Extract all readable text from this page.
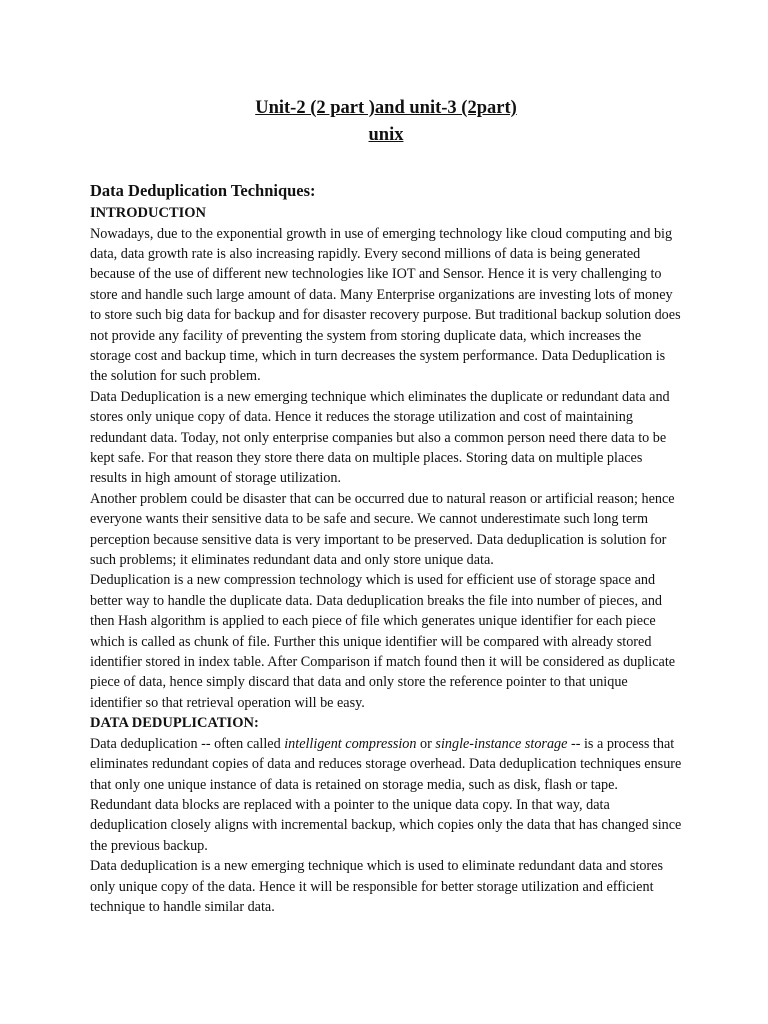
Unit-2 (2 part )and unit-3 (2part)

unix

Data Deduplication Techniques:

INTRODUCTION

Nowadays, due to the exponential growth in use of emerging technology like cloud computing and big data, data growth rate is also increasing rapidly. Every second millions of data is being generated because of the use of different new technologies like IOT and Sensor. Hence it is very challenging to store and handle such large amount of data. Many Enterprise organizations are investing lots of money to store such big data for backup and for disaster recovery purpose. But traditional backup solution does not provide any facility of preventing the system from storing duplicate data, which increases the storage cost and backup time, which in turn decreases the system performance. Data Deduplication is the solution for such problem.

Data Deduplication is a new emerging technique which eliminates the duplicate or redundant data and stores only unique copy of data. Hence it reduces the storage utilization and cost of maintaining redundant data. Today, not only enterprise companies but also a common person need there data to be kept safe. For that reason they store there data on multiple places. Storing data on multiple places results in high amount of storage utilization.

Another problem could be disaster that can be occurred due to natural reason or artificial reason; hence everyone wants their sensitive data to be safe and secure. We cannot underestimate such long term perception because sensitive data is very important to be preserved. Data deduplication is solution for such problems; it eliminates redundant data and only store unique data.

Deduplication is a new compression technology which is used for efficient use of storage space and better way to handle the duplicate data. Data deduplication breaks the file into number of pieces, and then Hash algorithm is applied to each piece of file which generates unique identifier for each piece which is called as chunk of file. Further this unique identifier will be compared with already stored identifier stored in index table. After Comparison if match found then it will be considered as duplicate piece of data, hence simply discard that data and only store the reference pointer to that unique identifier so that retrieval operation will be easy.

DATA DEDUPLICATION:

Data deduplication -- often called intelligent compression or single-instance storage -- is a process that eliminates redundant copies of data and reduces storage overhead. Data deduplication techniques ensure that only one unique instance of data is retained on storage media, such as disk, flash or tape. Redundant data blocks are replaced with a pointer to the unique data copy. In that way, data deduplication closely aligns with incremental backup, which copies only the data that has changed since the previous backup.

Data deduplication is a new emerging technique which is used to eliminate redundant data and stores only unique copy of the data. Hence it will be responsible for better storage utilization and efficient technique to handle similar data.
